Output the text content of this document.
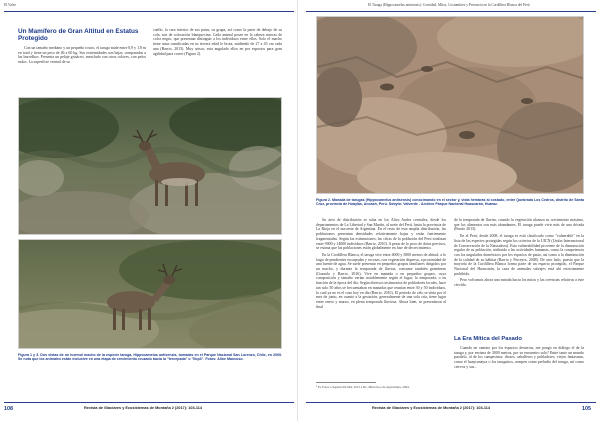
El Valor
Un Mamífero de Gran Altitud en Estatus Protegido

Con un tamaño mediano y un pequeño rostro, el taruga mide entre 0,9 y 1,8 m en total y tiene un peso de 46 a 60 kg. Sus extremidades son bajas, comparadas a las burrrdhos. Presenta un pelaje grisáceo, mezclado con otros colores, con pelos rudos. La superficie ventral de su

cuello, la cara interior de sus patas, su grupa, así como la parte de debajo de su cola, son de coloración blanquecina. Cada animal posee en la cabeza marcas de color negro, que presentan distinguir a los individuos entre ellos. Solo el macho tiene astas ramificadas en su tercera edad le brota, midiendo de 27 a 45 cm cada una (Barrio, 2013). Muy arisco, esta angulado ellos en por espacios para gran agilidad para correr (Figura 2).

Figura 1 y 3. Dos vistas de un huemul macho de la especie taruga, Hippocamelus antisensis, tomadas en el Parque Nacional San Lorenzo, Chile, en 2009. Se nota que los animales están inclusive en una etapa de crecimiento cruzado bacia la "tercepada" o "libp3". Fotos: Aline Mancuso.
108	Revista de Glaciares y Ecosistemas de Montaña 2 (2017): 103-114
El Taruga (Hippocamelus antisensis): Cornidad, Mitos, Costumbres y Presencia en la Cordillera Blanca del Perú
Figura 2. Manada de tarugas (Hippocamelus antisensis) conocimando en el sector y, vista hembras al costado, entre Quebrada Los Cedros, distrito de Santa Cruz, provincia de Huaylas, Ancash, Perú. Sobyto: Valverde - Archivo Parque Nacional Huascarán, Huaraz.

Su área de distribución se sitúa en los Altos Andes centrales, desde los departamentos de La Libertad y San Martín, al norte del Perú, hasta la provincia de La Rioja en el noroeste de Argentina. En el resto de esta amplia distribución, las poblaciones presentan densidades relativamente bajas y están fuertemente fragmentadas. Según las estimaciones, las cifras de la población del Perú totalizan entre 9000 y 14000 individuos (Barrio, 2010). A pesar de lo poco de datos precisos, se estima que las poblaciones están globalmente en fase de decrecimiento.

En la Cordillera Blanca, el taruga vive entre 4000 y 5000 metros de altitud, a lo largo de pendientes escarpadas y rocosas, con vegetación dispersa, a proximidad de una fuente de agua. Se suele presentar en pequeños grupos familiares dirigidos por un macho, y durante la temporada de lluvias, consume también gramíneas (Gazzolo y Barrio, 2016). Vive en manada o en pequeños grupos, cuya composición y tamaño varían notablemente según el lugar, la temporada, o en función de la época del día. Según diversos testimonios de pobladores locales, hace tan solo 50 años se frecuentaban en manadas que reunían entre 30 y 50 individuos, lo cual ya no es el caso hoy en día (Barrio, 2010). El período de celo se sitúa por el mes de junio, en cuanto a la gestación, generalmente de una sola cría, tiene lugar entre enero y marzo, en plena temporada lluviosa. Ahora bien, se presentaron al final

de la temporada de lluvias, cuando la vegetación alcanza su crecimiento máximo, que los alimentos son más abundantes. El taruga puede vivir más de una década (Barrio 2013).

En el Perú, desde 2008, el taruga es está clasificado como "vulnerable" en la lista de las especies protegidas según los criterios de la UICN (Unión Internacional de Conservación de la Naturaleza). Esta vulnerabilidad proviene de la disminución regular de su población, atribuida a las actividades humanas, como la competencia con los ungulados domésticos por los espacios de pasto, así como a la disminución de la calidad de su hábitat (Barrio y Ferreyra, 2008). De otro lado, puesto que la mayoría de la Cordillera Blanca forma parte de un espacio protegido, el Parque Nacional del Huascarán, la caza de animales salvajes está ahí estrictamente prohibida.

Pero volvamos ahora una mirada hacia los mitos y las creencias relativas a este cérvido.

La Era Mítica del Pasado

Cuando en camino por los espacios desiertos, me pongo en diálogo el de la taruga y, por encima de 3000 metros, por su encuentro solo? Entre tanto un mundo paralelo, al de los campesinos: dioses, caballeros y pobladores, viejos fantasmas, como el huayrunayra o los taruguitos, rompen como preludio del taruga, así como ciervos y sus...

¹ El. Fotos a Sepsura Di 004, 2013 a Dr., Mirrorio e de Agricultura, 2004.
Revista de Glaciares y Ecosistemas de Montaña 2 (2017): 103-114	105
